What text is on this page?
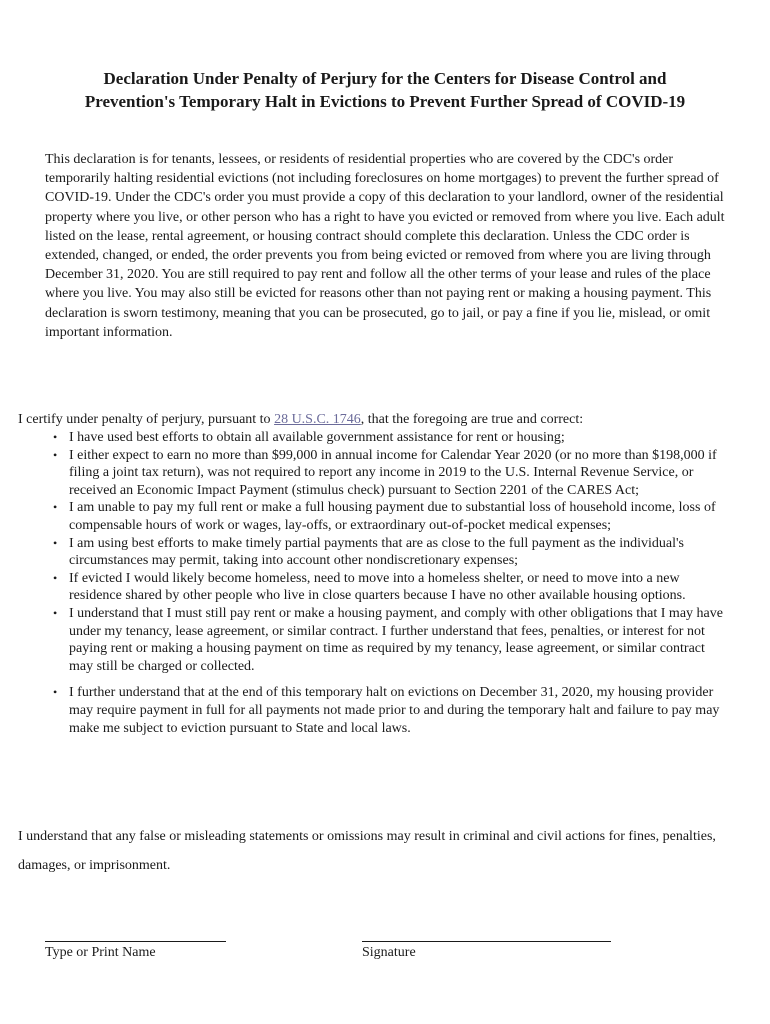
Declaration Under Penalty of Perjury for the Centers for Disease Control and
Prevention's Temporary Halt in Evictions to Prevent Further Spread of COVID-19

This declaration is for tenants, lessees, or residents of residential properties who are covered by the CDC's order temporarily halting residential evictions (not including foreclosures on home mortgages) to prevent the further spread of COVID-19. Under the CDC's order you must provide a copy of this declaration to your landlord, owner of the residential property where you live, or other person who has a right to have you evicted or removed from where you live. Each adult listed on the lease, rental agreement, or housing contract should complete this declaration. Unless the CDC order is extended, changed, or ended, the order prevents you from being evicted or removed from where you are living through December 31, 2020. You are still required to pay rent and follow all the other terms of your lease and rules of the place where you live. You may also still be evicted for reasons other than not paying rent or making a housing payment. This declaration is sworn testimony, meaning that you can be prosecuted, go to jail, or pay a fine if you lie, mislead, or omit important information.

I certify under penalty of perjury, pursuant to 28 U.S.C. 1746, that the foregoing are true and correct:

• I have used best efforts to obtain all available government assistance for rent or housing;
• I either expect to earn no more than $99,000 in annual income for Calendar Year 2020 (or no more than $198,000 if filing a joint tax return), was not required to report any income in 2019 to the U.S. Internal Revenue Service, or received an Economic Impact Payment (stimulus check) pursuant to Section 2201 of the CARES Act;
• I am unable to pay my full rent or make a full housing payment due to substantial loss of household income, loss of compensable hours of work or wages, lay-offs, or extraordinary out-of-pocket medical expenses;
• I am using best efforts to make timely partial payments that are as close to the full payment as the individual's circumstances may permit, taking into account other nondiscretionary expenses;
• If evicted I would likely become homeless, need to move into a homeless shelter, or need to move into a new residence shared by other people who live in close quarters because I have no other available housing options.
• I understand that I must still pay rent or make a housing payment, and comply with other obligations that I may have under my tenancy, lease agreement, or similar contract. I further understand that fees, penalties, or interest for not paying rent or making a housing payment on time as required by my tenancy, lease agreement, or similar contract may still be charged or collected.
• I further understand that at the end of this temporary halt on evictions on December 31, 2020, my housing provider may require payment in full for all payments not made prior to and during the temporary halt and failure to pay may make me subject to eviction pursuant to State and local laws.

I understand that any false or misleading statements or omissions may result in criminal and civil actions for fines, penalties, damages, or imprisonment.

Type or Print Name	Signature
